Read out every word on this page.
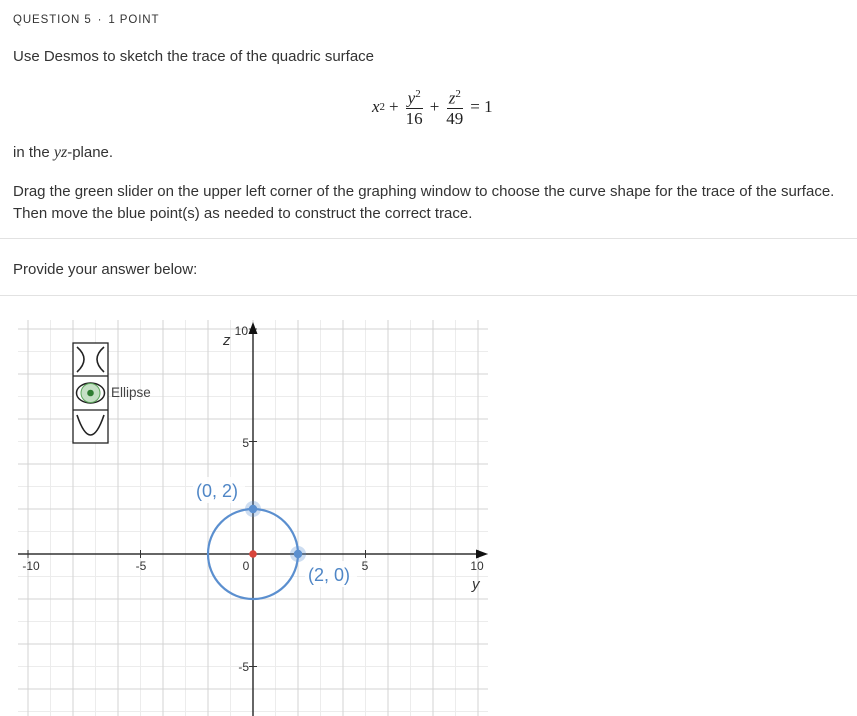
QUESTION 5 · 1 POINT
Use Desmos to sketch the trace of the quadric surface
x $2 + \frac{y^2}{16} + \frac{z^2}{49} = 1$
in the yz-plane.
Drag the green slider on the upper left corner of the graphing window to choose the curve shape for the trace of the surface. Then move the blue point(s) as needed to construct the correct trace.
Provide your answer below:
-10	-5	0	5	10
10
5
-5
y
z
(0, 2)
(2, 0)
Ellipse
